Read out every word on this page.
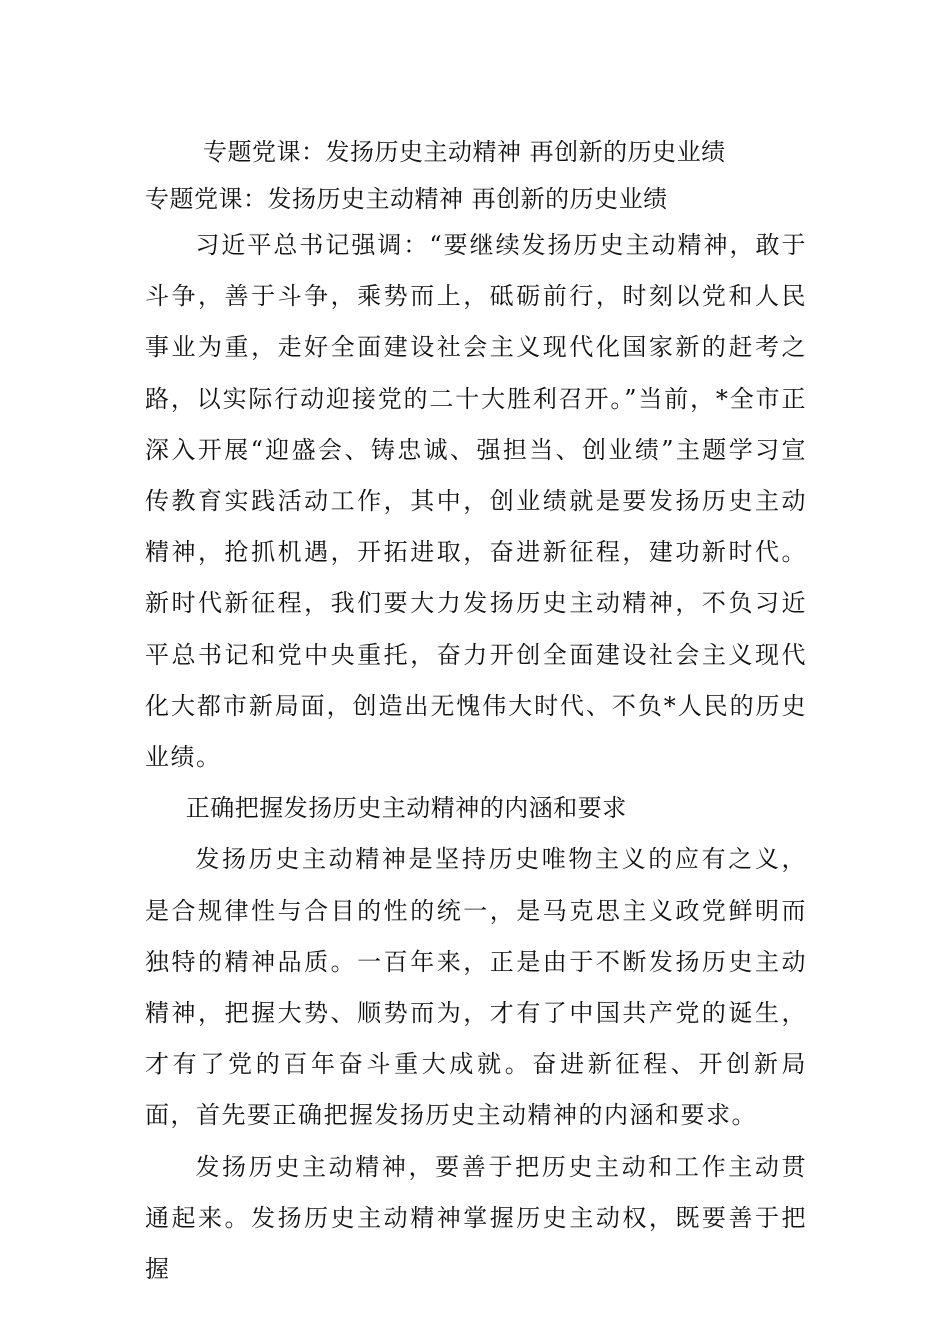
专题党课：发扬历史主动精神 再创新的历史业绩

专题党课：发扬历史主动精神 再创新的历史业绩

习近平总书记强调：“要继续发扬历史主动精神，敢于斗争，善于斗争，乘势而上，砥砺前行，时刻以党和人民事业为重，走好全面建设社会主义现代化国家新的赶考之路，以实际行动迎接党的二十大胜利召开。”当前，*全市正深入开展“迎盛会、铸忠诚、强担当、创业绩”主题学习宣传教育实践活动工作，其中，创业绩就是要发扬历史主动精神，抢抓机遇，开拓进取，奋进新征程，建功新时代。新时代新征程，我们要大力发扬历史主动精神，不负习近平总书记和党中央重托，奋力开创全面建设社会主义现代化大都市新局面，创造出无愧伟大时代、不负*人民的历史业绩。

正确把握发扬历史主动精神的内涵和要求

发扬历史主动精神是坚持历史唯物主义的应有之义，是合规律性与合目的性的统一，是马克思主义政党鲜明而独特的精神品质。一百年来，正是由于不断发扬历史主动精神，把握大势、顺势而为，才有了中国共产党的诞生，才有了党的百年奋斗重大成就。奋进新征程、开创新局面，首先要正确把握发扬历史主动精神的内涵和要求。

发扬历史主动精神，要善于把历史主动和工作主动贯通起来。发扬历史主动精神掌握历史主动权，既要善于把握
